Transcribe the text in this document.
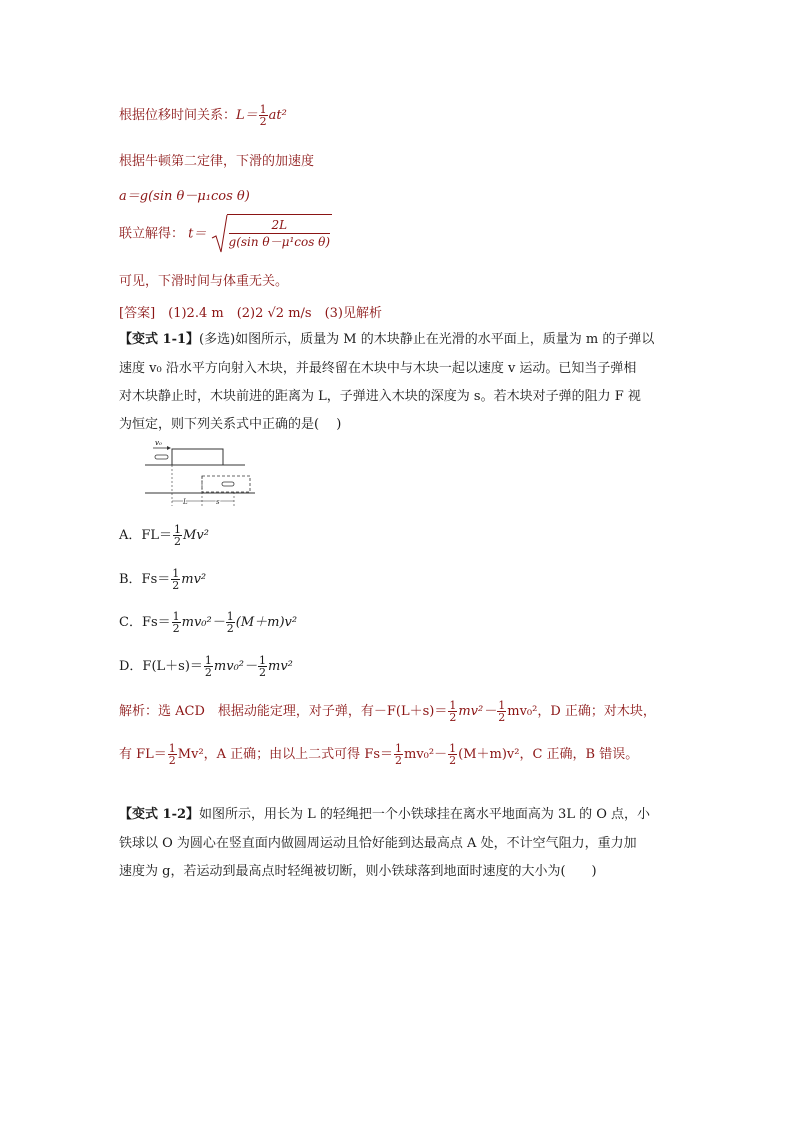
根据位移时间关系：$L= \frac{1}{2} at^2$
根据牛顿第二定律，下滑的加速度
a＝g(sin θ－μ₁cos θ)
联立解得： $t= \frac{2L}{\text{g(sin θ－μ¹cos θ)}}$
可见，下滑时间与体重无关。
[答案]　(1)2.4 m　(2)2 √2 m/s　(3)见解析
【变式 1-1】(多选)如图所示，质量为 M 的木块静止在光滑的水平面上，质量为 m 的子弹以
速度 v₀ 沿水平方向射入木块，并最终留在木块中与木块一起以速度 v 运动。已知当子弹相
对木块静止时，木块前进的距离为 L，子弹进入木块的深度为 s。若木块对子弹的阻力 F 视
为恒定，则下列关系式中正确的是(　 )
v₀
L	s
A．$FL= \frac{1}{2} Mv^2$
B．$Fs= \frac{1}{2} mv^2$
C．$Fs= \frac{1}{2} mv_0^2- \frac{1}{2} (M+m)v^2$
D．$F(L+s)= \frac{1}{2} mv_0^2- \frac{1}{2} mv^2$
解析：选 ACD　根据动能定理，对子弹，有$-F(L+s)= \frac{1}{2} mv^2- \frac{1}{2} mv_0^2$，D 正确；对木块，
有 $FL= \frac{1}{2} Mv^2$，A 正确；由以上二式可得 $Fs= \frac{1}{2} mv_0^2- \frac{1}{2} (M+m)v^2$，C 正确，B 错误。
【变式 1-2】如图所示，用长为 L 的轻绳把一个小铁球挂在离水平地面高为 3L 的 O 点，小
铁球以 O 为圆心在竖直面内做圆周运动且恰好能到达最高点 A 处，不计空气阻力，重力加
速度为 g，若运动到最高点时轻绳被切断，则小铁球落到地面时速度的大小为(　　)
